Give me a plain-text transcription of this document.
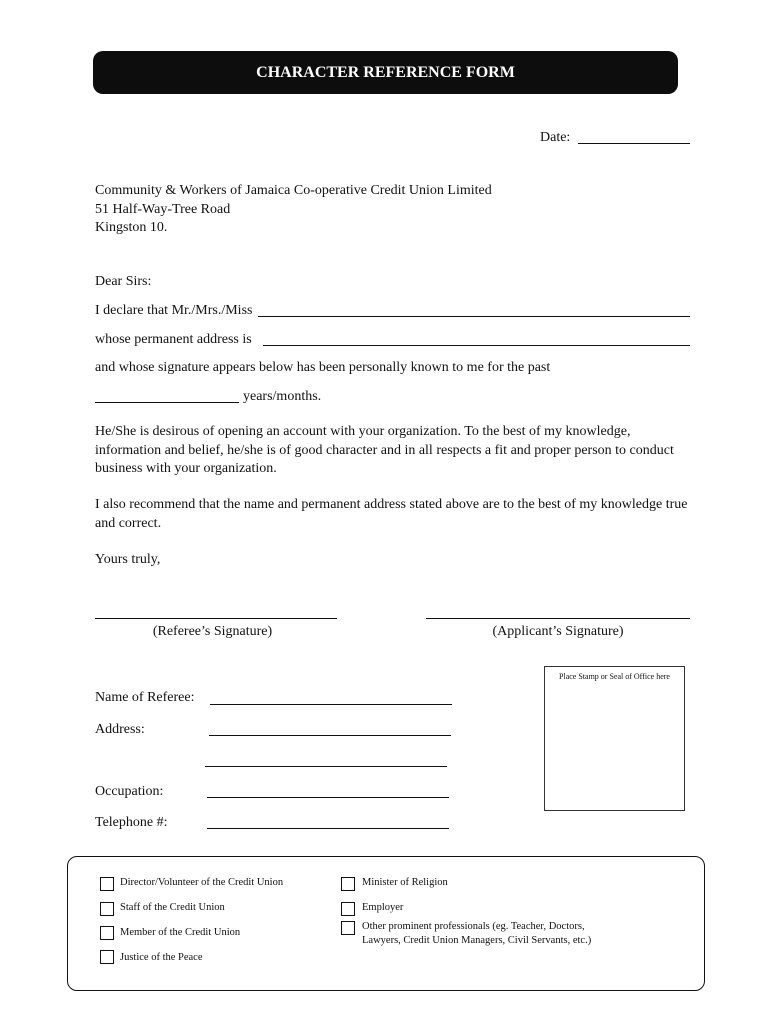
CHARACTER REFERENCE FORM
Date:
Community & Workers of Jamaica Co-operative Credit Union Limited
51 Half-Way-Tree Road
Kingston 10.
Dear Sirs:
I declare that Mr./Mrs./Miss
whose permanent address is
and whose signature appears below has been personally known to me for the past
years/months.
He/She is desirous of opening an account with your organization. To the best of my knowledge, information and belief, he/she is of good character and in all respects a fit and proper person to conduct business with your organization.
I also recommend that the name and permanent address stated above are to the best of my knowledge true and correct.
Yours truly,
(Referee’s Signature)	(Applicant’s Signature)
Place Stamp or Seal of Office here
Name of Referee:
Address:
Occupation:
Telephone #:
Director/Volunteer of the Credit Union
Staff of the Credit Union
Member of the Credit Union
Justice of the Peace
Minister of Religion
Employer
Other prominent professionals (eg. Teacher, Doctors,
Lawyers, Credit Union Managers, Civil Servants, etc.)
